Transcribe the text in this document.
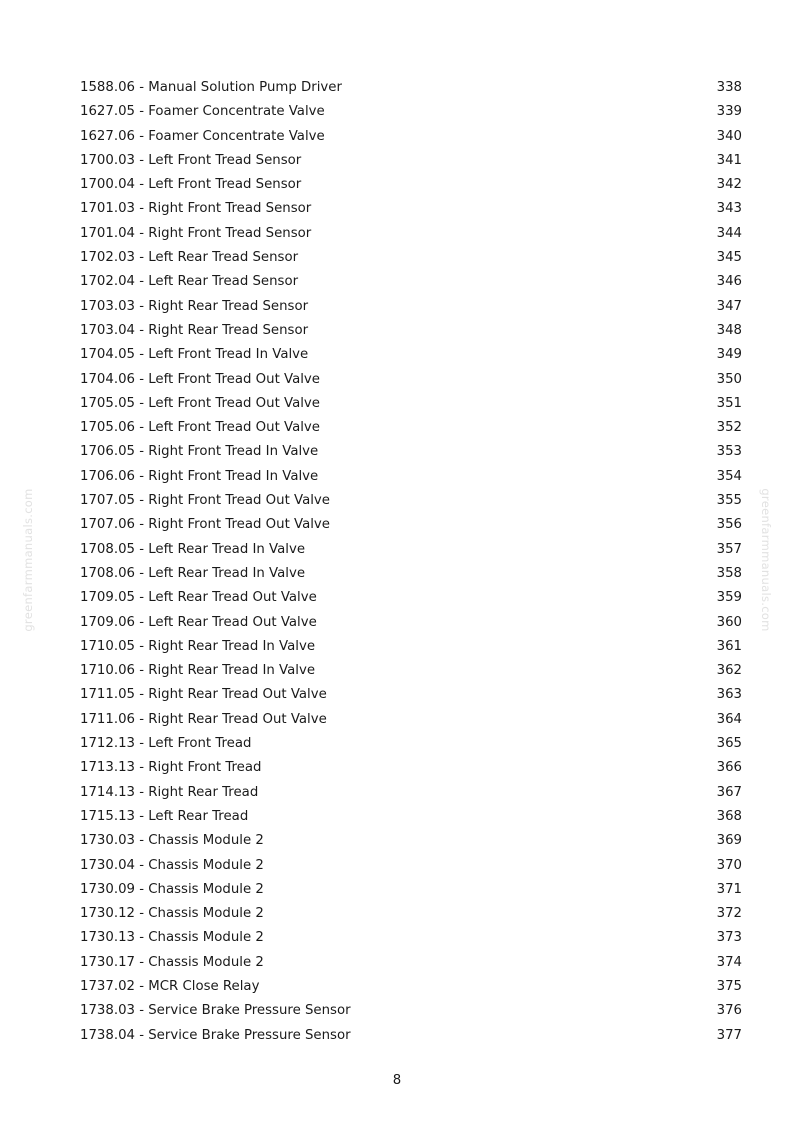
greenfarmmanuals.com	greenfarmmanuals.com
1588.06 - Manual Solution Pump Driver	338
1627.05 - Foamer Concentrate Valve	339
1627.06 - Foamer Concentrate Valve	340
1700.03 - Left Front Tread Sensor	341
1700.04 - Left Front Tread Sensor	342
1701.03 - Right Front Tread Sensor	343
1701.04 - Right Front Tread Sensor	344
1702.03 - Left Rear Tread Sensor	345
1702.04 - Left Rear Tread Sensor	346
1703.03 - Right Rear Tread Sensor	347
1703.04 - Right Rear Tread Sensor	348
1704.05 - Left Front Tread In Valve	349
1704.06 - Left Front Tread Out Valve	350
1705.05 - Left Front Tread Out Valve	351
1705.06 - Left Front Tread Out Valve	352
1706.05 - Right Front Tread In Valve	353
1706.06 - Right Front Tread In Valve	354
1707.05 - Right Front Tread Out Valve	355
1707.06 - Right Front Tread Out Valve	356
1708.05 - Left Rear Tread In Valve	357
1708.06 - Left Rear Tread In Valve	358
1709.05 - Left Rear Tread Out Valve	359
1709.06 - Left Rear Tread Out Valve	360
1710.05 - Right Rear Tread In Valve	361
1710.06 - Right Rear Tread In Valve	362
1711.05 - Right Rear Tread Out Valve	363
1711.06 - Right Rear Tread Out Valve	364
1712.13 - Left Front Tread	365
1713.13 - Right Front Tread	366
1714.13 - Right Rear Tread	367
1715.13 - Left Rear Tread	368
1730.03 - Chassis Module 2	369
1730.04 - Chassis Module 2	370
1730.09 - Chassis Module 2	371
1730.12 - Chassis Module 2	372
1730.13 - Chassis Module 2	373
1730.17 - Chassis Module 2	374
1737.02 - MCR Close Relay	375
1738.03 - Service Brake Pressure Sensor	376
1738.04 - Service Brake Pressure Sensor	377
8
